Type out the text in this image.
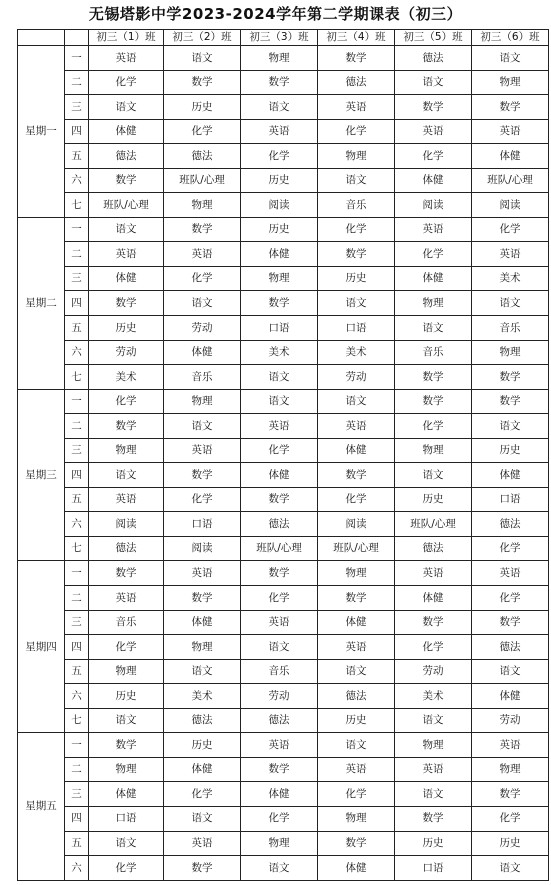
无锡塔影中学2023-2024学年第二学期课表（初三）
		初三（1）班	初三（2）班	初三（3）班	初三（4）班	初三（5）班	初三（6）班
星期一	一	英语	语文	物理	数学	德法	语文
	二	化学	数学	数学	德法	语文	物理
	三	语文	历史	语文	英语	数学	数学
	四	体健	化学	英语	化学	英语	英语
	五	德法	德法	化学	物理	化学	体健
	六	数学	班队/心理	历史	语文	体健	班队/心理
	七	班队/心理	物理	阅读	音乐	阅读	阅读
星期二	一	语文	数学	历史	化学	英语	化学
	二	英语	英语	体健	数学	化学	英语
	三	体健	化学	物理	历史	体健	美术
	四	数学	语文	数学	语文	物理	语文
	五	历史	劳动	口语	口语	语文	音乐
	六	劳动	体健	美术	美术	音乐	物理
	七	美术	音乐	语文	劳动	数学	数学
星期三	一	化学	物理	语文	语文	数学	数学
	二	数学	语文	英语	英语	化学	语文
	三	物理	英语	化学	体健	物理	历史
	四	语文	数学	体健	数学	语文	体健
	五	英语	化学	数学	化学	历史	口语
	六	阅读	口语	德法	阅读	班队/心理	德法
	七	德法	阅读	班队/心理	班队/心理	德法	化学
星期四	一	数学	英语	数学	物理	英语	英语
	二	英语	数学	化学	数学	体健	化学
	三	音乐	体健	英语	体健	数学	数学
	四	化学	物理	语文	英语	化学	德法
	五	物理	语文	音乐	语文	劳动	语文
	六	历史	美术	劳动	德法	美术	体健
	七	语文	德法	德法	历史	语文	劳动
星期五	一	数学	历史	英语	语文	物理	英语
	二	物理	体健	数学	英语	英语	物理
	三	体健	化学	体健	化学	语文	数学
	四	口语	语文	化学	物理	数学	化学
	五	语文	英语	物理	数学	历史	历史
	六	化学	数学	语文	体健	口语	语文
